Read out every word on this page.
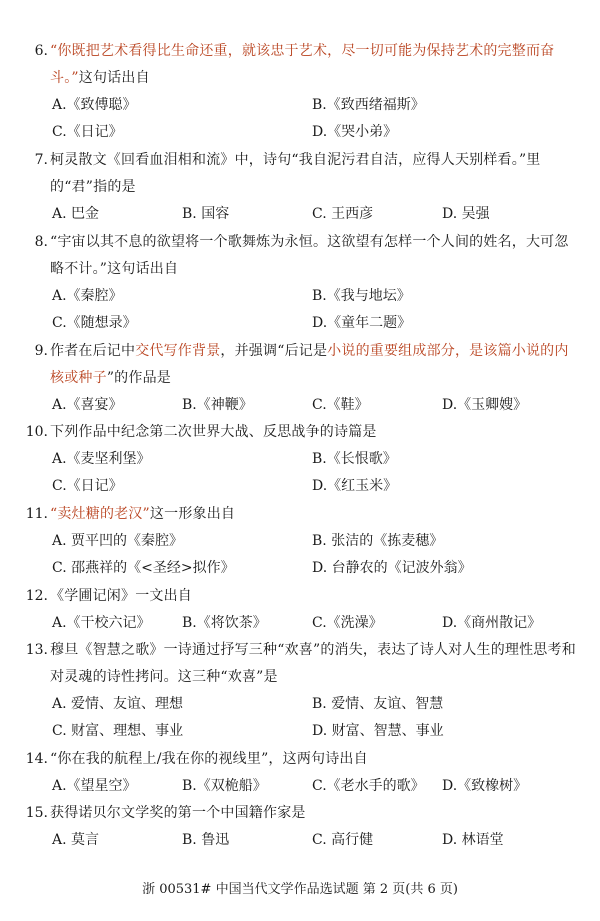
6. “你既把艺术看得比生命还重，就该忠于艺术，尽一切可能为保持艺术的完整而奋斗。”这句话出自
A.《致傅聪》	B.《致西绪福斯》
C.《日记》	D.《哭小弟》
7. 柯灵散文《回看血泪相和流》中，诗句“我自泥污君自洁，应得人天别样看。”里的“君”指的是
A. 巴金	B. 国容	C. 王西彦	D. 吴强
8. “宇宙以其不息的欲望将一个歌舞炼为永恒。这欲望有怎样一个人间的姓名，大可忽略不计。”这句话出自
A.《秦腔》	B.《我与地坛》
C.《随想录》	D.《童年二题》
9. 作者在后记中交代写作背景，并强调“后记是小说的重要组成部分，是该篇小说的内核或种子”的作品是
A.《喜宴》	B.《神鞭》	C.《鞋》	D.《玉卿嫂》
10. 下列作品中纪念第二次世界大战、反思战争的诗篇是
A.《麦坚利堡》	B.《长恨歌》
C.《日记》	D.《红玉米》
11. “卖灶糖的老汉”这一形象出自
A. 贾平凹的《秦腔》	B. 张洁的《拣麦穗》
C. 邵燕祥的《<圣经>拟作》	D. 台静农的《记波外翁》
12. 《学圃记闲》一文出自
A.《干校六记》 B.《将饮茶》	C.《洗澡》	D.《商州散记》
13. 穆旦《智慧之歌》一诗通过抒写三种“欢喜”的消失，表达了诗人对人生的理性思考和对灵魂的诗性拷问。这三种“欢喜”是
A. 爱情、友谊、理想	B. 爱情、友谊、智慧
C. 财富、理想、事业	D. 财富、智慧、事业
14. “你在我的航程上/我在你的视线里”，这两句诗出自
A.《望星空》	B.《双桅船》	C.《老水手的歌》 D.《致橡树》
15. 获得诺贝尔文学奖的第一个中国籍作家是
A. 莫言	B. 鲁迅	C. 高行健	D. 林语堂
浙 00531# 中国当代文学作品选试题 第 2 页(共 6 页)
